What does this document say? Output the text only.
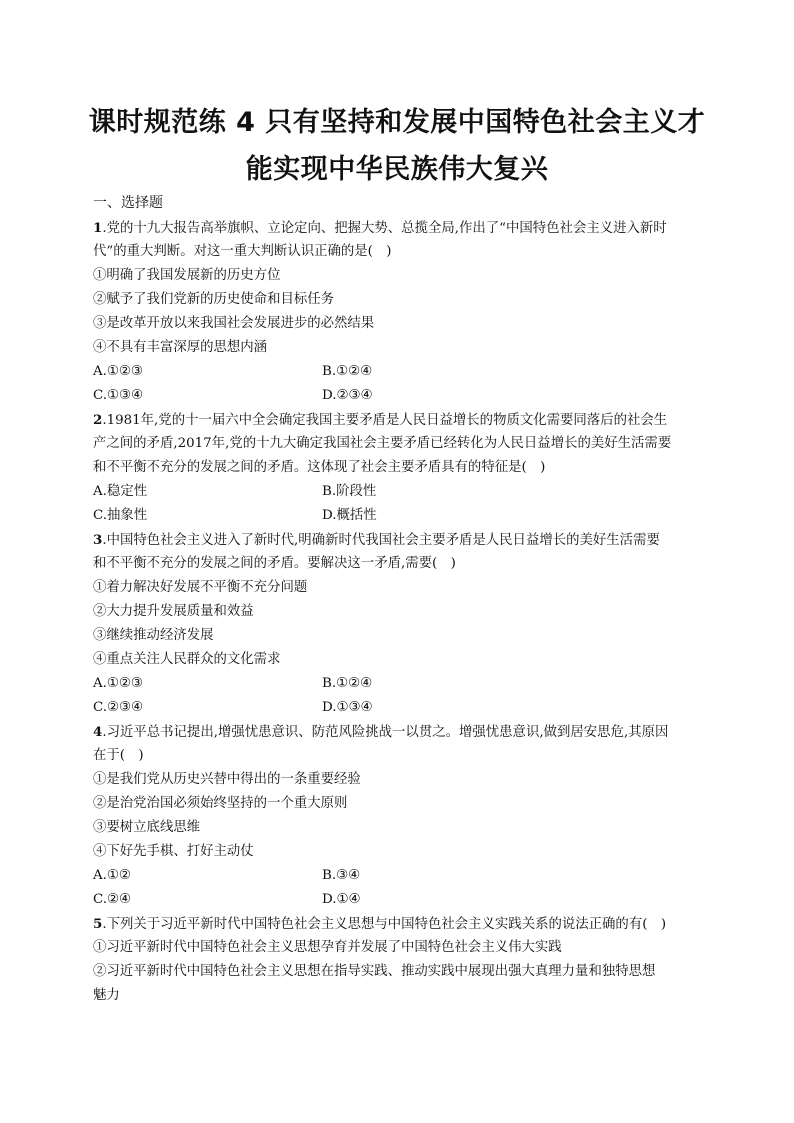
课时规范练 4 只有坚持和发展中国特色社会主义才
能实现中华民族伟大复兴
一、选择题
1.党的十九大报告高举旗帜、立论定向、把握大势、总揽全局,作出了“中国特色社会主义进入新时
代”的重大判断。对这一重大判断认识正确的是(　)
①明确了我国发展新的历史方位
②赋予了我们党新的历史使命和目标任务
③是改革开放以来我国社会发展进步的必然结果
④不具有丰富深厚的思想内涵
A.①②③	B.①②④
C.①③④	D.②③④
2.1981年,党的十一届六中全会确定我国主要矛盾是人民日益增长的物质文化需要同落后的社会生
产之间的矛盾,2017年,党的十九大确定我国社会主要矛盾已经转化为人民日益增长的美好生活需要
和不平衡不充分的发展之间的矛盾。这体现了社会主要矛盾具有的特征是(　)
A.稳定性	B.阶段性
C.抽象性	D.概括性
3.中国特色社会主义进入了新时代,明确新时代我国社会主要矛盾是人民日益增长的美好生活需要
和不平衡不充分的发展之间的矛盾。要解决这一矛盾,需要(　)
①着力解决好发展不平衡不充分问题
②大力提升发展质量和效益
③继续推动经济发展
④重点关注人民群众的文化需求
A.①②③	B.①②④
C.②③④	D.①③④
4.习近平总书记提出,增强忧患意识、防范风险挑战一以贯之。增强忧患意识,做到居安思危,其原因
在于(　)
①是我们党从历史兴替中得出的一条重要经验
②是治党治国必须始终坚持的一个重大原则
③要树立底线思维
④下好先手棋、打好主动仗
A.①②	B.③④
C.②④	D.①④
5.下列关于习近平新时代中国特色社会主义思想与中国特色社会主义实践关系的说法正确的有(　)
①习近平新时代中国特色社会主义思想孕育并发展了中国特色社会主义伟大实践
②习近平新时代中国特色社会主义思想在指导实践、推动实践中展现出强大真理力量和独特思想
魅力
